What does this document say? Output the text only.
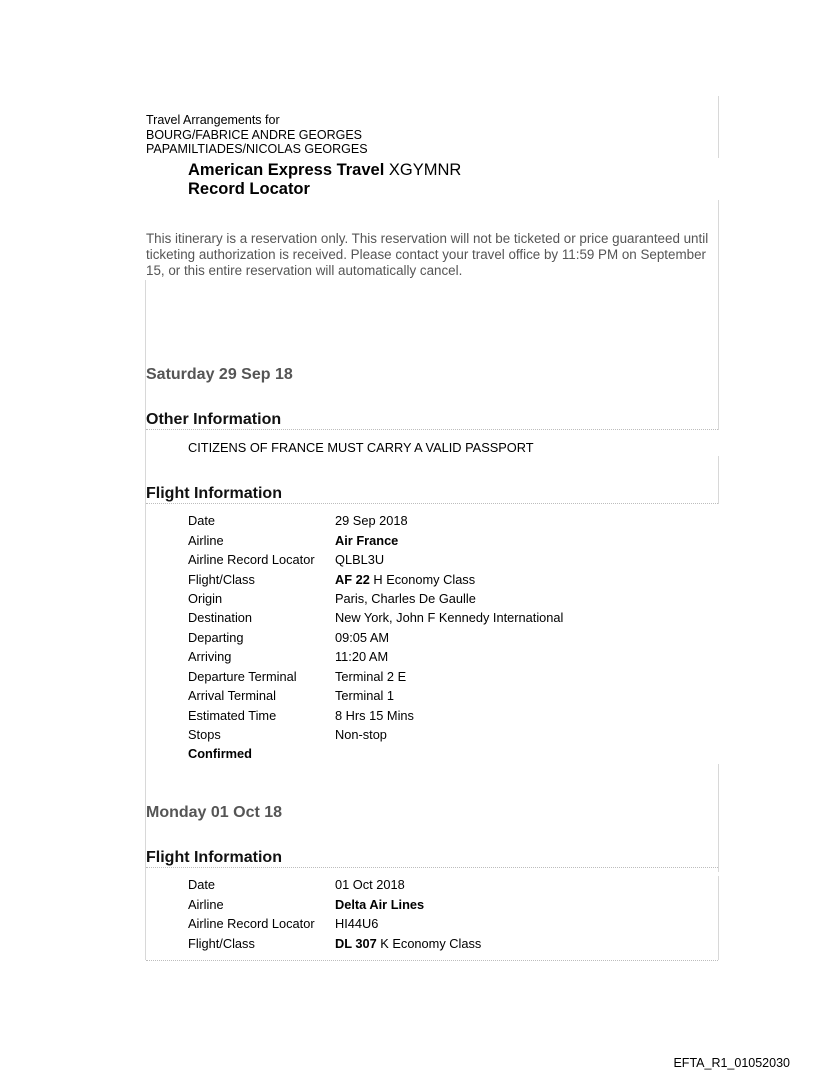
Travel Arrangements for
BOURG/FABRICE ANDRE GEORGES
PAPAMILTIADES/NICOLAS GEORGES
American Express Travel XGYMNR
Record Locator
This itinerary is a reservation only. This reservation will not be ticketed or price guaranteed until ticketing authorization is received. Please contact your travel office by 11:59 PM on September 15, or this entire reservation will automatically cancel.
Saturday 29 Sep 18
Other Information
CITIZENS OF FRANCE MUST CARRY A VALID PASSPORT
Flight Information
Date	29 Sep 2018
Airline	Air France
Airline Record Locator	QLBL3U
Flight/Class	AF 22 H Economy Class
Origin	Paris, Charles De Gaulle
Destination	New York, John F Kennedy International
Departing	09:05 AM
Arriving	11:20 AM
Departure Terminal	Terminal 2 E
Arrival Terminal	Terminal 1
Estimated Time	8 Hrs 15 Mins
Stops	Non-stop
Confirmed	
Monday 01 Oct 18
Flight Information
Date	01 Oct 2018
Airline	Delta Air Lines
Airline Record Locator	HI44U6
Flight/Class	DL 307 K Economy Class
EFTA_R1_01052030
